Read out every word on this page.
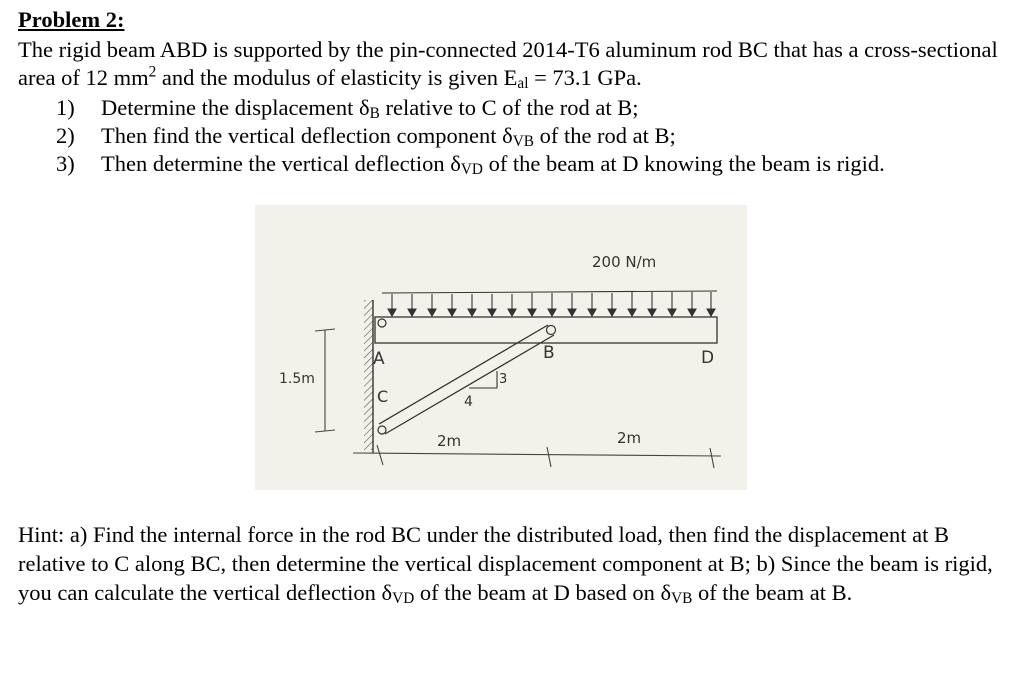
Problem 2:
The rigid beam ABD is supported by the pin-connected 2014-T6 aluminum rod BC that has a cross-sectional area of 12 $mm^2$ and the modulus of elasticity is given $E_{al} = 73.1$ GPa.
1) Determine the displacement $\delta_B$ relative to C of the rod at B;
2) Then find the vertical deflection component $\delta_{VB}$ of the rod at B;
3) Then determine the vertical deflection $\delta_{VD}$ of the beam at D knowing the beam is rigid.
200 N/m
1.5m
A	B
C
D
3
4
2m	2m
Hint: a) Find the internal force in the rod BC under the distributed load, then find the displacement at B relative to C along BC, then determine the vertical displacement component at B; b) Since the beam is rigid, you can calculate the vertical deflection $\delta_{VD}$ of the beam at D based on $\delta_{VB}$ of the beam at B.
